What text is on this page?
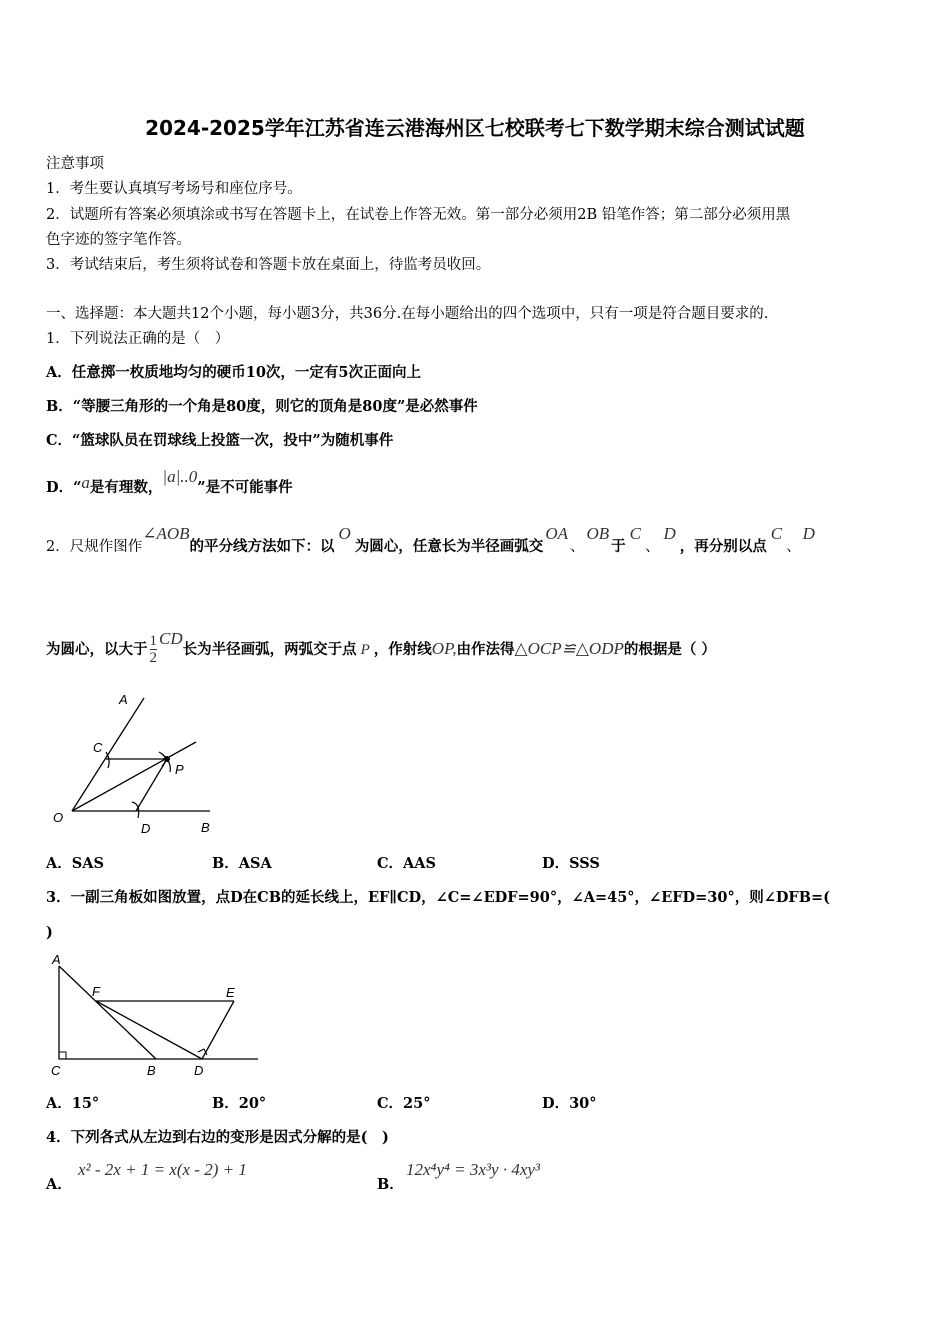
2024-2025学年江苏省连云港海州区七校联考七下数学期末综合测试试题
注意事项
1．考生要认真填写考场号和座位序号。
2．试题所有答案必须填涂或书写在答题卡上，在试卷上作答无效。第一部分必须用2B 铅笔作答；第二部分必须用黑
色字迹的签字笔作答。
3．考试结束后，考生须将试卷和答题卡放在桌面上，待监考员收回。
一、选择题：本大题共12个小题，每小题3分，共36分.在每小题给出的四个选项中，只有一项是符合题目要求的.
1．下列说法正确的是（　）
A．任意掷一枚质地均匀的硬币10次，一定有5次正面向上
B．“等腰三角形的一个角是80度，则它的顶角是80度”是必然事件
C．“篮球队员在罚球线上投篮一次，投中”为随机事件
D．“a是有理数，|a|..0”是不可能事件
2．尺规作图作∠AOB的平分线方法如下：以O为圆心，任意长为半径画弧交OA、OB于C、D，再分别以点C、D
为圆心，以大于 $\frac{1}{2}$ CD长为半径画弧，两弧交于点 P ，作射线OP,由作法得△OCP≌△ODP的根据是（ ）
A
C
P
O
D	B
A．SAS	B．ASA	C．AAS	D．SSS
3．一副三角板如图放置，点D在CB的延长线上，EF∥CD，∠C=∠EDF=90°，∠A=45°，∠EFD=30°，则∠DFB=(
)
A
F	E
C	B	D
A．15°	B．20°	C．25°	D．30°
4．下列各式从左边到右边的变形是因式分解的是(　)
A．
x² - 2x + 1 = x(x - 2) + 1
B．
12x⁴y⁴ = 3x³y · 4xy³
